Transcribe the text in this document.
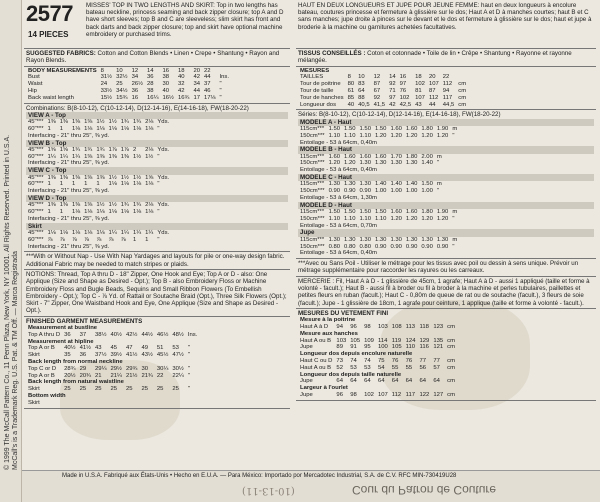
© 1999 The McCall Pattern Co., 11 Penn Plaza, New York, NY 10001. All Rights Reserved. Printed in U.S.A. McCall's is a Trademark Reg. U.S. Pat. & TM Off. — Marca Registrada
2577
14 PIECES
MISSES' TOP IN TWO LENGTHS AND SKIRT: Top in two lengths has bateau neckline, princess seaming and back zipper closure; top A and D have short sleeves; top B and C are sleeveless; slim skirt has front and back darts and back zipper closure; top and skirt have optional machine embroidery or purchased trims.
SUGGESTED FABRICS: Cotton and Cotton Blends • Linen • Crepe • Shantung • Rayon and Rayon Blends.
BODY MEASUREMENTS	8	10	12	14	16	18	20	22	
Bust	31½	32½	34	36	38	40	42	44	Ins.
Waist	24	25	26½	28	30	32	34	37	"
Hip	33½	34½	36	38	40	42	44	46	"
Back waist length	15½	15¾	16	16¼	16½	16¾	17	17⅛	"
Combinations: B(8-10-12), C(10-12-14), D(12-14-16), E(14-16-18), FW(18-20-22)
VIEW A - Top
45"***	1⅜	1⅜	1⅜	1⅜	1½	1½	1¾	1¾	2⅛	Yds.
60"***	1	1	1⅛	1⅛	1⅛	1⅛	1⅛	1⅛	1⅛	"
Interfacing - 21" thru 25", ⅜ yd.										
VIEW B - Top
45"***	1⅝	1⅝	1¾	1¾	1¾	1⅞	1⅞	2	2⅛	Yds.
60"***	1¼	1¼	1¼	1⅜	1⅜	1⅜	1⅜	1½	1½	"
Interfacing - 21" thru 25", ⅜ yd.										
VIEW C - Top
45"***	1⅜	1⅜	1⅜	1⅜	1⅜	1½	1½	1½	1⅝	Yds.
60"***	1	1	1	1	1	1⅛	1⅛	1⅛	1⅛	"
Interfacing - 21" thru 25", ⅜ yd.										
VIEW D - Top
45"***	1⅜	1⅜	1⅜	1⅜	1½	1½	1¾	1¾	2⅛	Yds.
60"***	1	1	1⅛	1⅛	1⅛	1⅛	1⅛	1⅛	1⅛	"
Interfacing - 21" thru 25", ⅜ yd.										
Skirt
45"***	1⅛	1⅛	1⅛	1⅛	1⅛	1¼	1¼	1¼	1¼	Yds.
60"***	⅞	⅞	⅞	⅞	⅞	⅞	⅞	1	1	"
Interfacing - 21" thru 25", ⅜ yd.										
***With or Without Nap - Use With Nap Yardages and layouts for pile or one-way design fabric. Additional Fabric may be needed to match stripes or plaids.
NOTIONS: Thread, Top A thru D - 18" Zipper, One Hook and Eye; Top A or D - also: One Applique (Size and Shape as Desired - Opt.); Top B - also Embroidery Floss or Machine Embroidery Floss and Bugle Beads, Sequins and Small Ribbon Flowers (To Embellish Embroidery - Opt.); Top C - ⅞ Yd. of Rattail or Soutache Braid (Opt.), Three Silk Flowers (Opt.); Skirt - 7" Zipper, One Waistband Hook and Eye, One Applique (Size and Shape as Desired - Opt.).
FINISHED GARMENT MEASUREMENTS
Measurement at bustline									
Top A thru D	36	37	38½	40½	42½	44½	46½	48½	Ins.
Measurement at hipline									
Top A or B	40½	41½	43	45	47	49	51	53	"
Skirt	35	36	37½	39½	41½	43½	45½	47½	"
Back length from normal neckline									
Top C or D	28¾	29	29¼	29½	29¾	30	30¼	30½	"
Top A or B	20½	20¾	21	21¼	21½	21¾	22	22¼	"
Back length from natural waistline									
Skirt	25	25	25	25	25	25	25	25	"
Bottom width									
Skirt									
HAUT EN DEUX LONGUEURS ET JUPE POUR JEUNE FEMME: haut en deux longueurs à encolure bateau, coutures princesse et fermeture à glissière sur le dos; Haut A et D à manches courtes; haut B et C sans manches; jupe droite à pinces sur le devant et le dos et fermeture à glissière sur le dos; haut et jupe à broderie à la machine ou garnitures achetées facultatives.
TISSUS CONSEILLÉS : Coton et cotonnade • Toile de lin • Crêpe • Shantung • Rayonne et rayonne mélangée.
MESURES									
TAILLES	8	10	12	14	16	18	20	22	
Tour de poitrine	80	83	87	92	97	102	107	112	cm
Tour de taille	61	64	67	71	76	81	87	94	cm
Tour de hanches	85	88	92	97	102	107	112	117	cm
Longueur dos	40	40,5	41,5	42	42,5	43	44	44,5	cm
Séries: B(8-10-12), C(10-12-14), D(12-14-16), E(14-16-18), FW(18-20-22)
MODELE A - Haut
115cm***	1.50	1.50	1.50	1.50	1.60	1.60	1.80	1.90	m
150cm***	1.10	1.10	1.10	1.20	1.20	1.20	1.20	1.20	"
Entoilage - 53 à 64cm, 0,40m									
MODELE B - Haut
115cm***	1.60	1.60	1.60	1.60	1.70	1.80	2.00	m
150cm***	1.20	1.20	1.30	1.30	1.30	1.30	1.40	"
Entoilage - 53 à 64cm, 0,40m								
MODELE C - Haut
115cm***	1.30	1.30	1.30	1.40	1.40	1.40	1.50	m
150cm***	0.90	0.90	0.90	1.00	1.00	1.00	1.00	"
Entoilage - 53 à 64cm, 1,30m								
MODELE D - Haut
115cm***	1.50	1.50	1.50	1.50	1.60	1.60	1.80	1.90	m
150cm***	1.10	1.10	1.10	1.10	1.20	1.20	1.20	1.20	"
Entoilage - 53 à 64cm, 0,70m									
Jupe
115cm***	1.30	1.30	1.30	1.30	1.30	1.30	1.30	1.30	m
150cm***	0.80	0.80	0.80	0.90	0.90	0.90	0.90	0.90	"
Entoilage - 53 à 64cm, 0,40m									
***Avec ou Sans Poil - Utiliser le métrage pour les tissus avec poil ou dessin à sens unique. Prévoir un métrage supplémentaire pour raccorder les rayures ou les carreaux.
MERCERIE : Fil, Haut A à D - 1 glissière de 45cm, 1 agrafe; Haut A à D - aussi 1 appliqué (taille et forme à volonté - facult.); Haut B - aussi fil à broder ou fil à broder à la machine et perles tubulaires, paillettes et petites fleurs en ruban (facult.); Haut C - 0,80m de queue de rat ou de soutache (facult.), 3 fleurs de soie (facult.); Jupe - 1 glissière de 18cm, 1 agrafe pour ceinture, 1 applique (taille et forme à volonté - facult.).
MESURES DU VETEMENT FINI
Mesure à la poitrine									
Haut A à D	94	96	98	103	108	113	118	123	cm
Mesure aux hanches									
Haut A ou B	103	105	109	114	119	124	129	135	cm
Jupe	89	91	95	100	105	110	116	121	cm
Longueur dos depuis encolure naturelle									
Haut C ou D	73	74	74	75	76	76	77	77	cm
Haut A ou B	52	53	53	54	55	55	56	57	cm
Longueur dos depuis taille naturelle									
Jupe	64	64	64	64	64	64	64	64	cm
Largeur à l'ourlet									
Jupe	96	98	102	107	112	117	122	127	cm
Made in U.S.A. Fabriqué aux États-Unis • Hecho en E.U.A. — Para México: Importado por Mercadotec Industrial, S.A. de C.V. RFC MIN-730419U28
Cour du Patron de Couture
(10-13-11)
